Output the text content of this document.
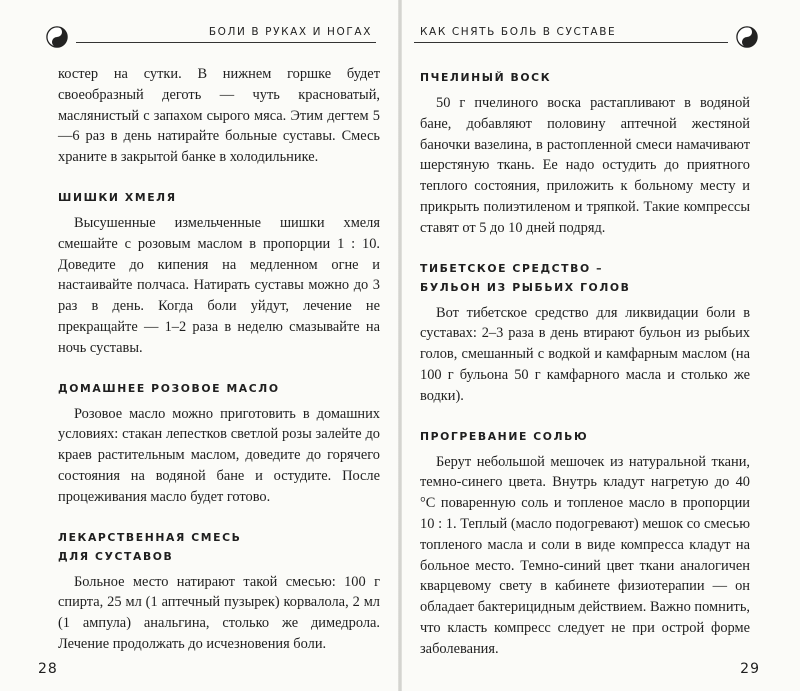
БОЛИ В РУКАХ И НОГАХ

костер на сутки. В нижнем горшке будет своеобразный деготь — чуть красноватый, маслянистый с запахом сырого мяса. Этим дегтем 5—6 раз в день натирайте больные суставы. Смесь храните в закрытой банке в холодильнике.

ШИШКИ ХМЕЛЯ

Высушенные измельченные шишки хмеля смешайте с розовым маслом в пропорции 1 : 10. Доведите до кипения на медленном огне и настаивайте полчаса. Натирать суставы можно до 3 раз в день. Когда боли уйдут, лечение не прекращайте — 1–2 раза в неделю смазывайте на ночь суставы.

ДОМАШНЕЕ РОЗОВОЕ МАСЛО

Розовое масло можно приготовить в домашних условиях: стакан лепестков светлой розы залейте до краев растительным маслом, доведите до горячего состояния на водяной бане и остудите. После процеживания масло будет готово.

ЛЕКАРСТВЕННАЯ СМЕСЬ
ДЛЯ СУСТАВОВ

Больное место натирают такой смесью: 100 г спирта, 25 мл (1 аптечный пузырек) корвалола, 2 мл (1 ампула) анальгина, столько же димедрола. Лечение продолжать до исчезновения боли.

28
КАК СНЯТЬ БОЛЬ В СУСТАВЕ
ПЧЕЛИНЫЙ ВОСК

50 г пчелиного воска растапливают в водяной бане, добавляют половину аптечной жестяной баночки вазелина, в растопленной смеси намачивают шерстяную ткань. Ее надо остудить до приятного теплого состояния, приложить к больному месту и прикрыть полиэтиленом и тряпкой. Такие компрессы ставят от 5 до 10 дней подряд.

ТИБЕТСКОЕ СРЕДСТВО –
БУЛЬОН ИЗ РЫБЬИХ ГОЛОВ

Вот тибетское средство для ликвидации боли в суставах: 2–3 раза в день втирают бульон из рыбьих голов, смешанный с водкой и камфарным маслом (на 100 г бульона 50 г камфарного масла и столько же водки).

ПРОГРЕВАНИЕ СОЛЬЮ

Берут небольшой мешочек из натуральной ткани, темно-синего цвета. Внутрь кладут нагретую до 40 °С поваренную соль и топленое масло в пропорции 10 : 1. Теплый (масло подогревают) мешок со смесью топленого масла и соли в виде компресса кладут на больное место. Темно-синий цвет ткани аналогичен кварцевому свету в кабинете физиотерапии — он обладает бактерицидным действием. Важно помнить, что класть компресс следует не при острой форме заболевания.

29
